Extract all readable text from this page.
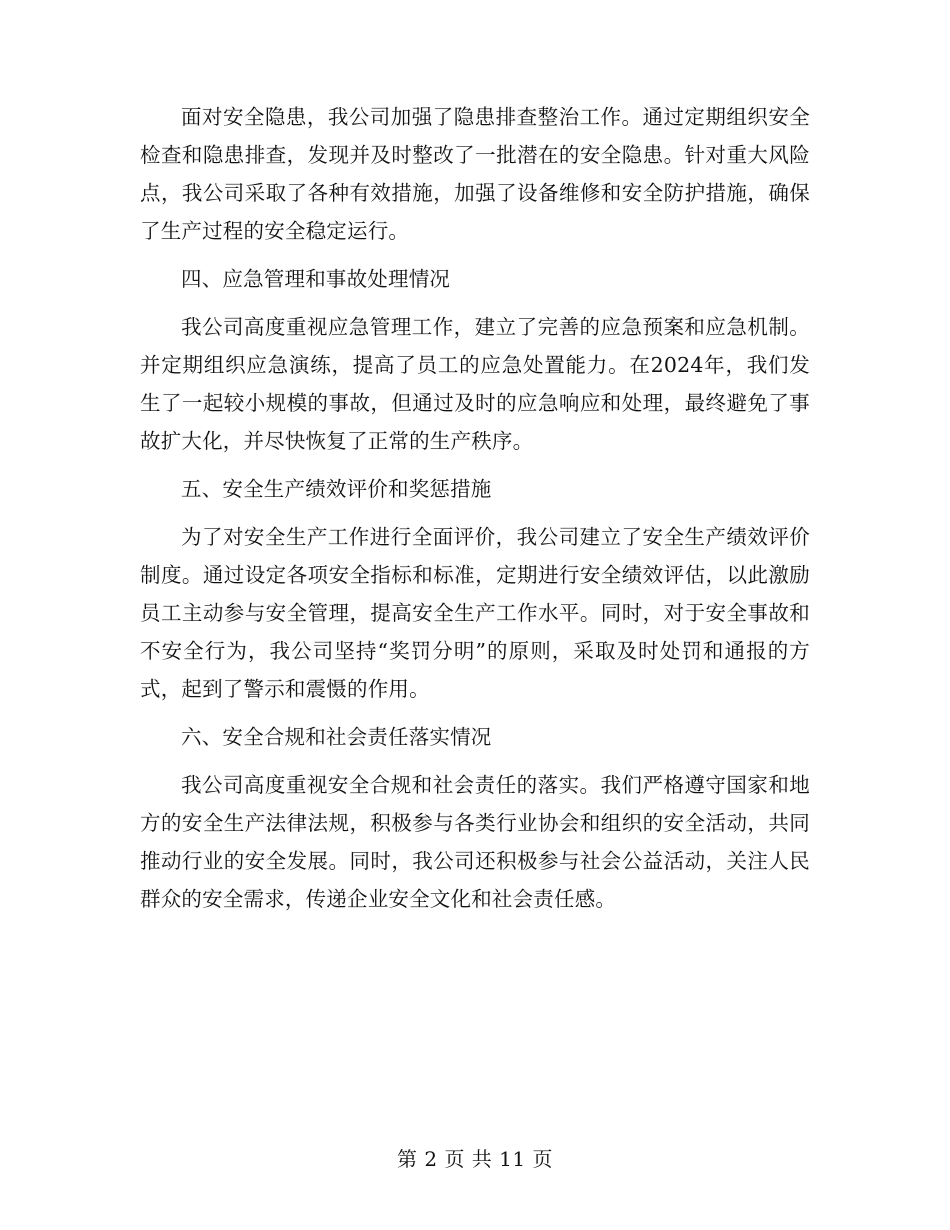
面对安全隐患，我公司加强了隐患排查整治工作。通过定期组织安全检查和隐患排查，发现并及时整改了一批潜在的安全隐患。针对重大风险点，我公司采取了各种有效措施，加强了设备维修和安全防护措施，确保了生产过程的安全稳定运行。

四、应急管理和事故处理情况

我公司高度重视应急管理工作，建立了完善的应急预案和应急机制。并定期组织应急演练，提高了员工的应急处置能力。在2024年，我们发生了一起较小规模的事故，但通过及时的应急响应和处理，最终避免了事故扩大化，并尽快恢复了正常的生产秩序。

五、安全生产绩效评价和奖惩措施

为了对安全生产工作进行全面评价，我公司建立了安全生产绩效评价制度。通过设定各项安全指标和标准，定期进行安全绩效评估，以此激励员工主动参与安全管理，提高安全生产工作水平。同时，对于安全事故和不安全行为，我公司坚持“奖罚分明”的原则，采取及时处罚和通报的方式，起到了警示和震慑的作用。

六、安全合规和社会责任落实情况

我公司高度重视安全合规和社会责任的落实。我们严格遵守国家和地方的安全生产法律法规，积极参与各类行业协会和组织的安全活动，共同推动行业的安全发展。同时，我公司还积极参与社会公益活动，关注人民群众的安全需求，传递企业安全文化和社会责任感。

第 2 页 共 11 页
